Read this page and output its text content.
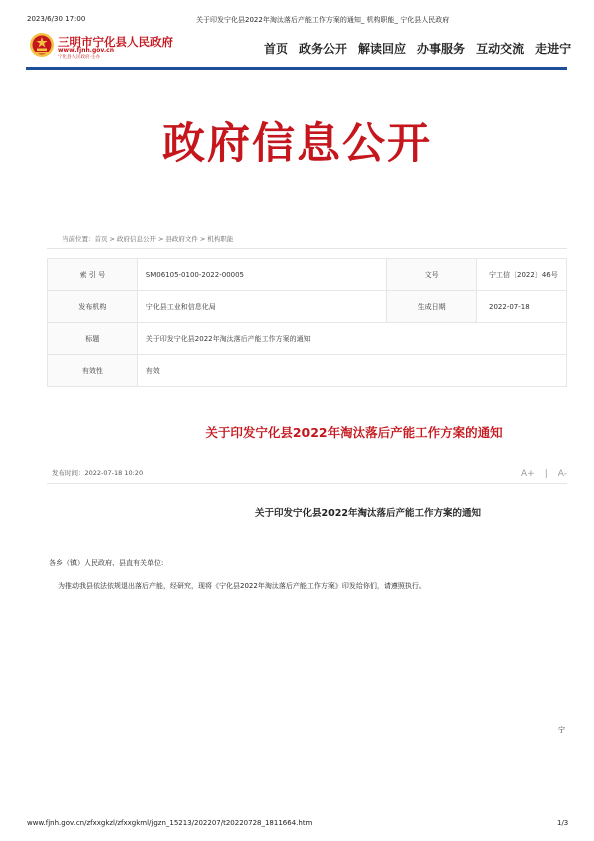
2023/6/30 17:00	关于印发宁化县2022年淘汰落后产能工作方案的通知_ 机构职能_ 宁化县人民政府
三明市宁化县人民政府
www.fjnh.gov.cn
宁化县人民政府·主办
首页 政务公开 解读回应 办事服务 互动交流 走进宁
政府信息公开
当前位置：首页 > 政府信息公开 > 县政府文件 > 机构职能
索 引 号	SM06105-0100-2022-00005	文号	宁工信〔2022〕46号
发布机构	宁化县工业和信息化局	生成日期	2022-07-18
标题	关于印发宁化县2022年淘汰落后产能工作方案的通知		
有效性	有效		
关于印发宁化县2022年淘汰落后产能工作方案的通知
发布时间：2022-07-18 10:20	A+ | A-
关于印发宁化县2022年淘汰落后产能工作方案的通知
各乡（镇）人民政府、县直有关单位:
为推动我县依法依规退出落后产能，经研究，现将《宁化县2022年淘汰落后产能工作方案》印发给你们，请遵照执行。
宁
www.fjnh.gov.cn/zfxxgkzl/zfxxgkml/jgzn_15213/202207/t20220728_1811664.htm	1/3
